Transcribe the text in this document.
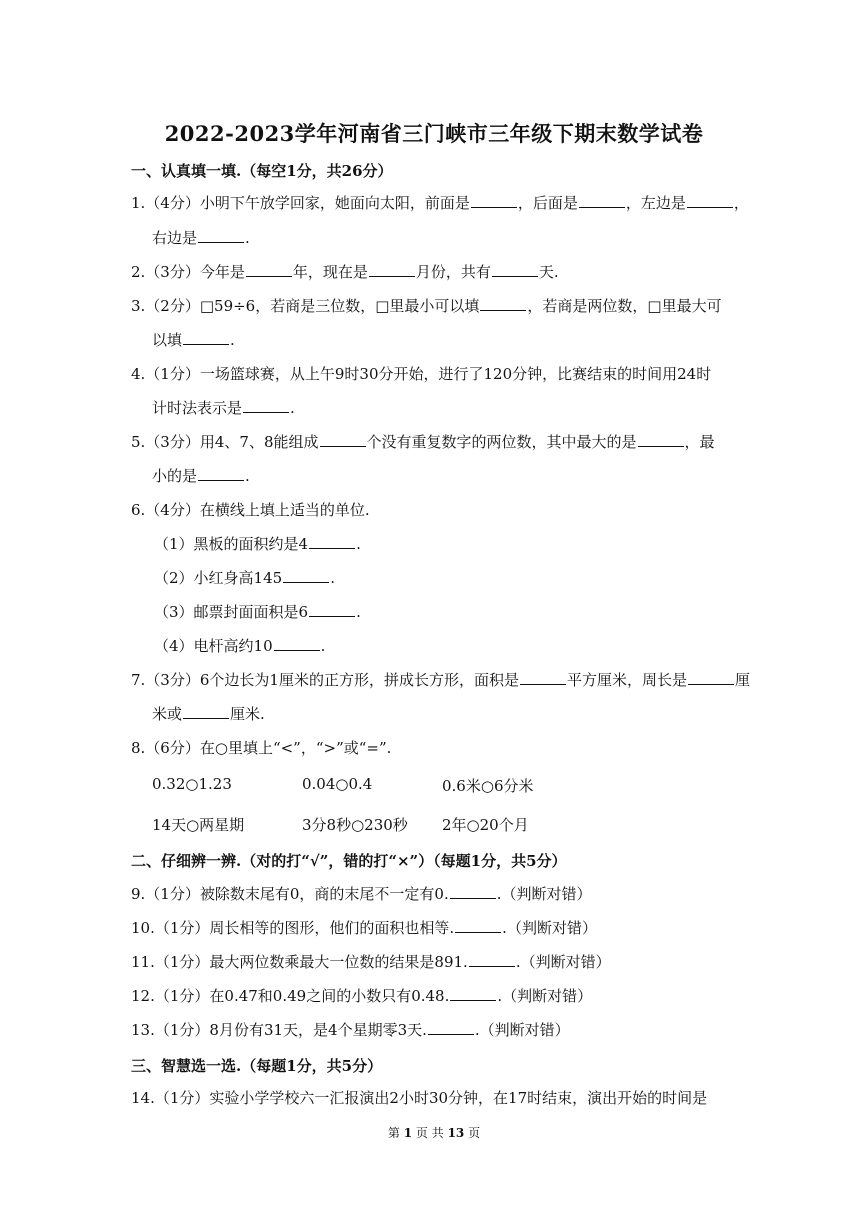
2022-2023学年河南省三门峡市三年级下期末数学试卷
一、认真填一填.（每空1分，共26分）
1.（4分）小明下午放学回家，她面向太阳，前面是	，后面是	，左边是	，
右边是	.
2.（3分）今年是	年，现在是	月份，共有	天.
3.（2分）□59÷6，若商是三位数，□里最小可以填	，若商是两位数，□里最大可
以填	.
4.（1分）一场篮球赛，从上午9时30分开始，进行了120分钟，比赛结束的时间用24时
计时法表示是	.
5.（3分）用4、7、8能组成	个没有重复数字的两位数，其中最大的是	，最
小的是	.
6.（4分）在横线上填上适当的单位.
（1）黑板的面积约是4	.
（2）小红身高145	.
（3）邮票封面面积是6	.
（4）电杆高约10	.
7.（3分）6个边长为1厘米的正方形，拼成长方形，面积是	平方厘米，周长是	厘
米或	厘米.
8.（6分）在○里填上“<”，“>”或“=”.
0.32○1.23	0.04○0.4	0.6米○6分米
14天○两星期	3分8秒○230秒 2年○20个月
二、仔细辨一辨.（对的打“√”，错的打“×”）（每题1分，共5分）
9.（1分）被除数末尾有0，商的末尾不一定有0.	.（判断对错）
10.（1分）周长相等的图形，他们的面积也相等.	.（判断对错）
11.（1分）最大两位数乘最大一位数的结果是891.	.（判断对错）
12.（1分）在0.47和0.49之间的小数只有0.48.	.（判断对错）
13.（1分）8月份有31天，是4个星期零3天.	.（判断对错）
三、智慧选一选.（每题1分，共5分）
14.（1分）实验小学学校六一汇报演出2小时30分钟，在17时结束，演出开始的时间是
第 1 页 共 13 页
